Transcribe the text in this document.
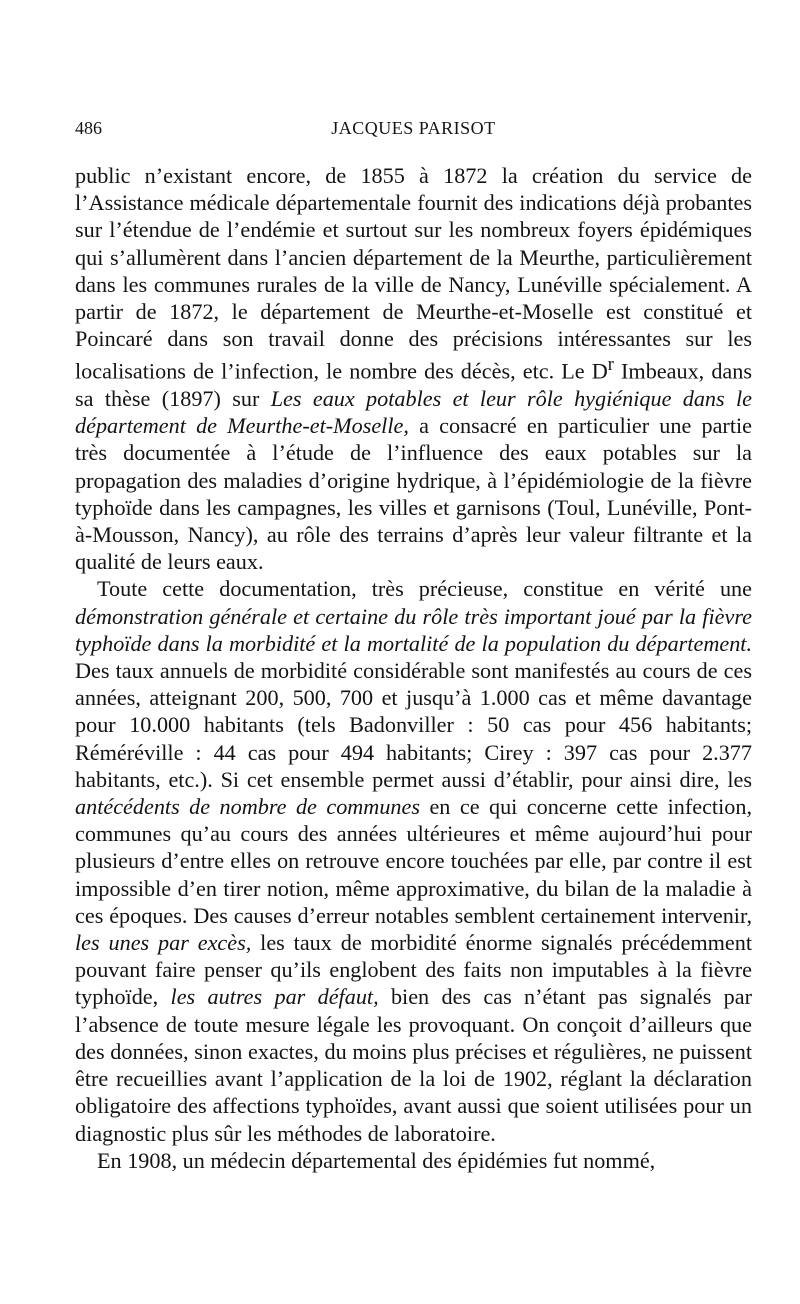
486	JACQUES PARISOT

public n’existant encore, de 1855 à 1872 la création du service de l’Assistance médicale départementale fournit des indications déjà probantes sur l’étendue de l’endémie et surtout sur les nombreux foyers épidémiques qui s’allumèrent dans l’ancien département de la Meurthe, particulièrement dans les communes rurales de la ville de Nancy, Lunéville spécialement. A partir de 1872, le département de Meurthe-et-Moselle est constitué et Poincaré dans son travail donne des précisions intéressantes sur les localisations de l’infection, le nombre des décès, etc. Le $D^r$ Imbeaux, dans sa thèse (1897) sur Les eaux potables et leur rôle hygiénique dans le département de Meurthe-et-Moselle, a consacré en particulier une partie très documentée à l’étude de l’influence des eaux potables sur la propagation des maladies d’origine hydrique, à l’épidémiologie de la fièvre typhoïde dans les campagnes, les villes et garnisons (Toul, Lunéville, Pont-à-Mousson, Nancy), au rôle des terrains d’après leur valeur filtrante et la qualité de leurs eaux.

Toute cette documentation, très précieuse, constitue en vérité une démonstration générale et certaine du rôle très important joué par la fièvre typhoïde dans la morbidité et la mortalité de la population du département. Des taux annuels de morbidité considérable sont manifestés au cours de ces années, atteignant 200, 500, 700 et jusqu’à 1.000 cas et même davantage pour 10.000 habitants (tels Badonviller : 50 cas pour 456 habitants; Réméréville : 44 cas pour 494 habitants; Cirey : 397 cas pour 2.377 habitants, etc.). Si cet ensemble permet aussi d’établir, pour ainsi dire, les antécédents de nombre de communes en ce qui concerne cette infection, communes qu’au cours des années ultérieures et même aujourd’hui pour plusieurs d’entre elles on retrouve encore touchées par elle, par contre il est impossible d’en tirer notion, même approximative, du bilan de la maladie à ces époques. Des causes d’erreur notables semblent certainement intervenir, les unes par excès, les taux de morbidité énorme signalés précédemment pouvant faire penser qu’ils englobent des faits non imputables à la fièvre typhoïde, les autres par défaut, bien des cas n’étant pas signalés par l’absence de toute mesure légale les provoquant. On conçoit d’ailleurs que des données, sinon exactes, du moins plus précises et régulières, ne puissent être recueillies avant l’application de la loi de 1902, réglant la déclaration obligatoire des affections typhoïdes, avant aussi que soient utilisées pour un diagnostic plus sûr les méthodes de laboratoire.

En 1908, un médecin départemental des épidémies fut nommé,
